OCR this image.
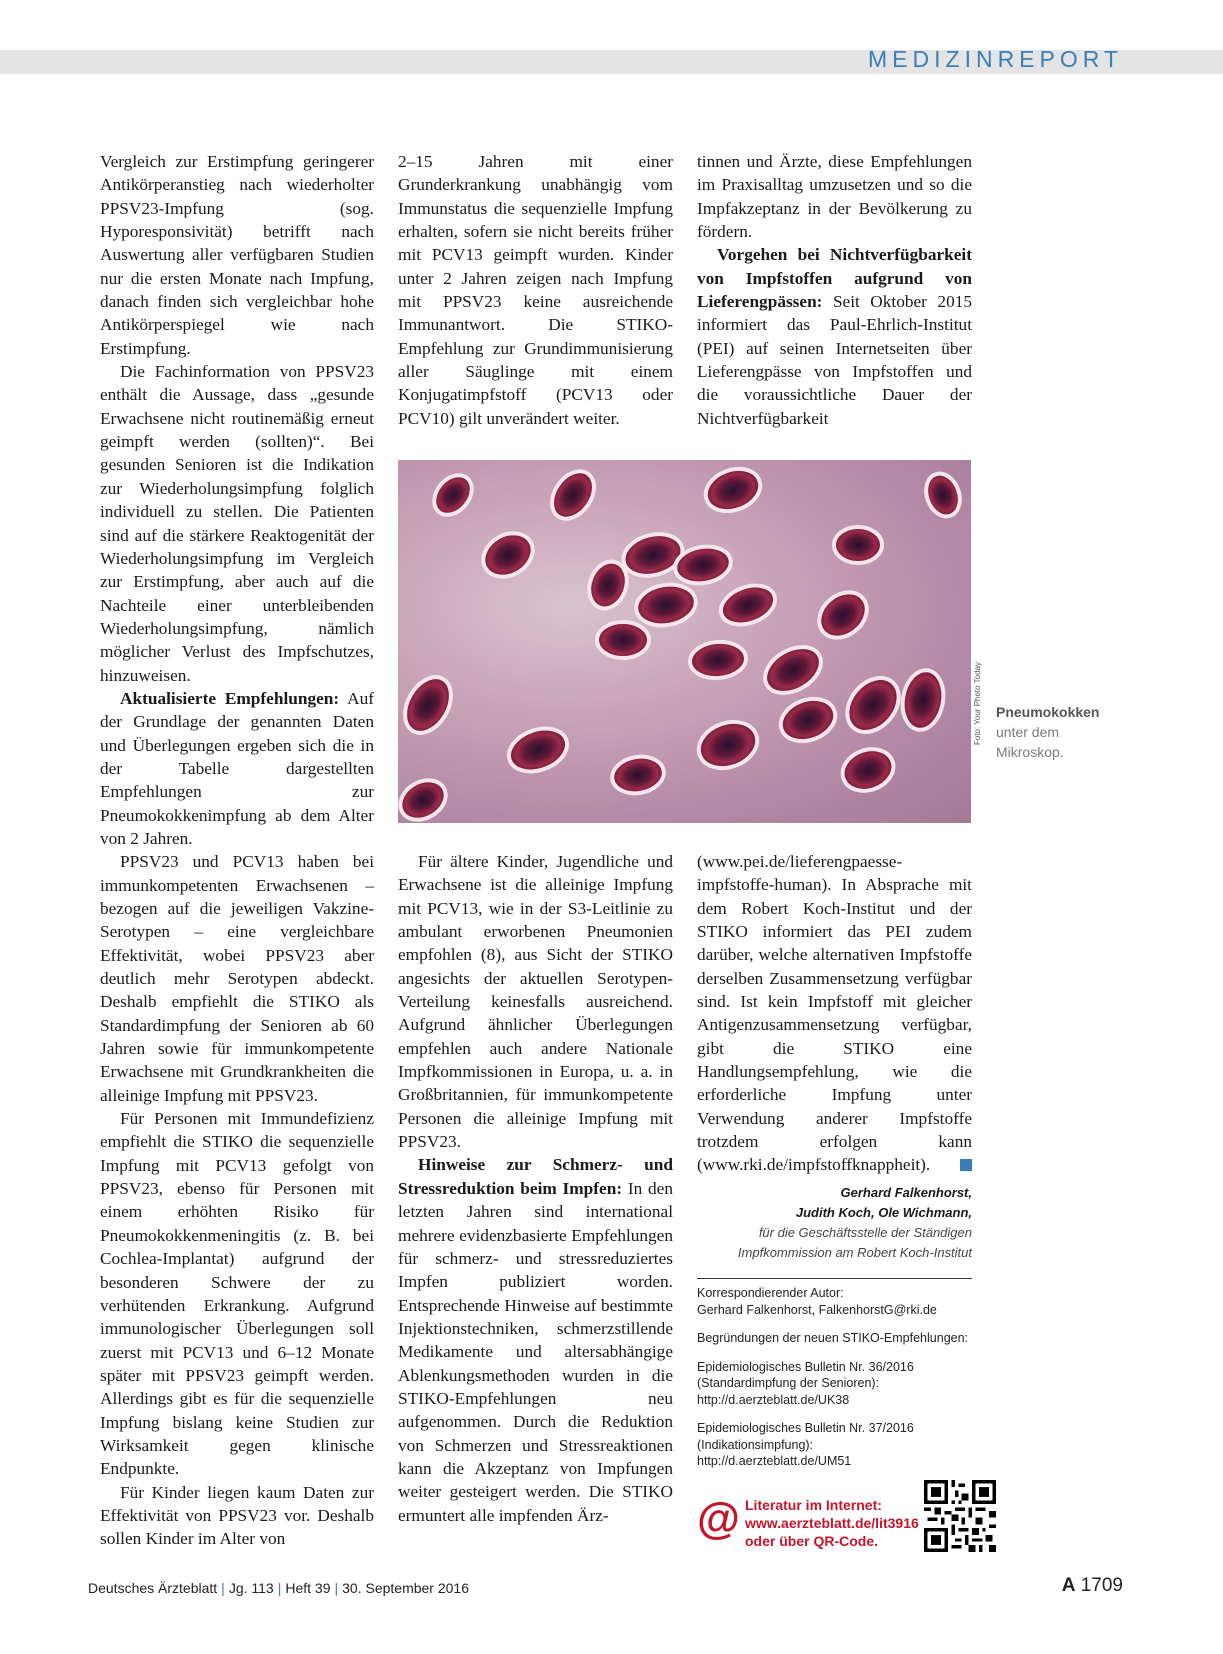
MEDIZINREPORT

Vergleich zur Erstimpfung geringerer Antikörperanstieg nach wiederholter PPSV23-Impfung (sog. Hyporesponsivität) betrifft nach Auswertung aller verfügbaren Studien nur die ersten Monate nach Impfung, danach finden sich vergleichbar hohe Antikörperspiegel wie nach Erstimpfung.

Die Fachinformation von PPSV23 enthält die Aussage, dass „gesunde Erwachsene nicht routinemäßig erneut geimpft werden (sollten)“. Bei gesunden Senioren ist die Indikation zur Wiederholungsimpfung folglich individuell zu stellen. Die Patienten sind auf die stärkere Reaktogenität der Wiederholungsimpfung im Vergleich zur Erstimpfung, aber auch auf die Nachteile einer unterbleibenden Wiederholungsimpfung, nämlich möglicher Verlust des Impfschutzes, hinzuweisen.

Aktualisierte Empfehlungen: Auf der Grundlage der genannten Daten und Überlegungen ergeben sich die in der Tabelle dargestellten Empfehlungen zur Pneumokokkenimpfung ab dem Alter von 2 Jahren.

PPSV23 und PCV13 haben bei immunkompetenten Erwachsenen – bezogen auf die jeweiligen Vakzine-Serotypen – eine vergleichbare Effektivität, wobei PPSV23 aber deutlich mehr Serotypen abdeckt. Deshalb empfiehlt die STIKO als Standardimpfung der Senioren ab 60 Jahren sowie für immunkompetente Erwachsene mit Grundkrankheiten die alleinige Impfung mit PPSV23.

Für Personen mit Immundefizienz empfiehlt die STIKO die sequenzielle Impfung mit PCV13 gefolgt von PPSV23, ebenso für Personen mit einem erhöhten Risiko für Pneumokokkenmeningitis (z. B. bei Cochlea-Implantat) aufgrund der besonderen Schwere der zu verhütenden Erkrankung. Aufgrund immunologischer Überlegungen soll zuerst mit PCV13 und 6–12 Monate später mit PPSV23 geimpft werden. Allerdings gibt es für die sequenzielle Impfung bislang keine Studien zur Wirksamkeit gegen klinische Endpunkte.

Für Kinder liegen kaum Daten zur Effektivität von PPSV23 vor. Deshalb sollen Kinder im Alter von

2–15 Jahren mit einer Grunderkrankung unabhängig vom Immunstatus die sequenzielle Impfung erhalten, sofern sie nicht bereits früher mit PCV13 geimpft wurden. Kinder unter 2 Jahren zeigen nach Impfung mit PPSV23 keine ausreichende Immunantwort. Die STIKO-Empfehlung zur Grundimmunisierung aller Säuglinge mit einem Konjugatimpfstoff (PCV13 oder PCV10) gilt unverändert weiter.

tinnen und Ärzte, diese Empfehlungen im Praxisalltag umzusetzen und so die Impfakzeptanz in der Bevölkerung zu fördern.

Vorgehen bei Nichtverfügbarkeit von Impfstoffen aufgrund von Lieferengpässen: Seit Oktober 2015 informiert das Paul-Ehrlich-Institut (PEI) auf seinen Internetseiten über Lieferengpässe von Impfstoffen und die voraussichtliche Dauer der Nichtverfügbarkeit

Foto: Your Photo Today Pneumokokken
unter dem Mikroskop.

Für ältere Kinder, Jugendliche und Erwachsene ist die alleinige Impfung mit PCV13, wie in der S3-Leitlinie zu ambulant erworbenen Pneumonien empfohlen (8), aus Sicht der STIKO angesichts der aktuellen Serotypen-Verteilung keinesfalls ausreichend. Aufgrund ähnlicher Überlegungen empfehlen auch andere Nationale Impfkommissionen in Europa, u. a. in Großbritannien, für immunkompetente Personen die alleinige Impfung mit PPSV23.

Hinweise zur Schmerz- und Stressreduktion beim Impfen: In den letzten Jahren sind international mehrere evidenzbasierte Empfehlungen für schmerz- und stressreduziertes Impfen publiziert worden. Entsprechende Hinweise auf bestimmte Injektionstechniken, schmerzstillende Medikamente und altersabhängige Ablenkungsmethoden wurden in die STIKO-Empfehlungen neu aufgenommen. Durch die Reduktion von Schmerzen und Stressreaktionen kann die Akzeptanz von Impfungen weiter gesteigert werden. Die STIKO ermuntert alle impfenden Ärz-

(www.pei.de/lieferengpaesse-impfstoffe-human). In Absprache mit dem Robert Koch-Institut und der STIKO informiert das PEI zudem darüber, welche alternativen Impfstoffe derselben Zusammensetzung verfügbar sind. Ist kein Impfstoff mit gleicher Antigenzusammensetzung verfügbar, gibt die STIKO eine Handlungsempfehlung, wie die erforderliche Impfung unter Verwendung anderer Impfstoffe trotzdem erfolgen kann (www.rki.de/impfstoffknappheit).

Gerhard Falkenhorst,
Judith Koch, Ole Wichmann,
für die Geschäftsstelle der Ständigen
Impfkommission am Robert Koch-Institut
Korrespondierender Autor:
Gerhard Falkenhorst, FalkenhorstG@rki.de
Begründungen der neuen STIKO-Empfehlungen:
Epidemiologisches Bulletin Nr. 36/2016
(Standardimpfung der Senioren):
http://d.aerzteblatt.de/UK38
Epidemiologisches Bulletin Nr. 37/2016
(Indikationsimpfung):
http://d.aerzteblatt.de/UM51
@ Literatur im Internet:
www.aerzteblatt.de/lit3916
oder über QR-Code.
Deutsches Ärzteblatt | Jg. 113 | Heft 39 | 30. September 2016	A 1709
